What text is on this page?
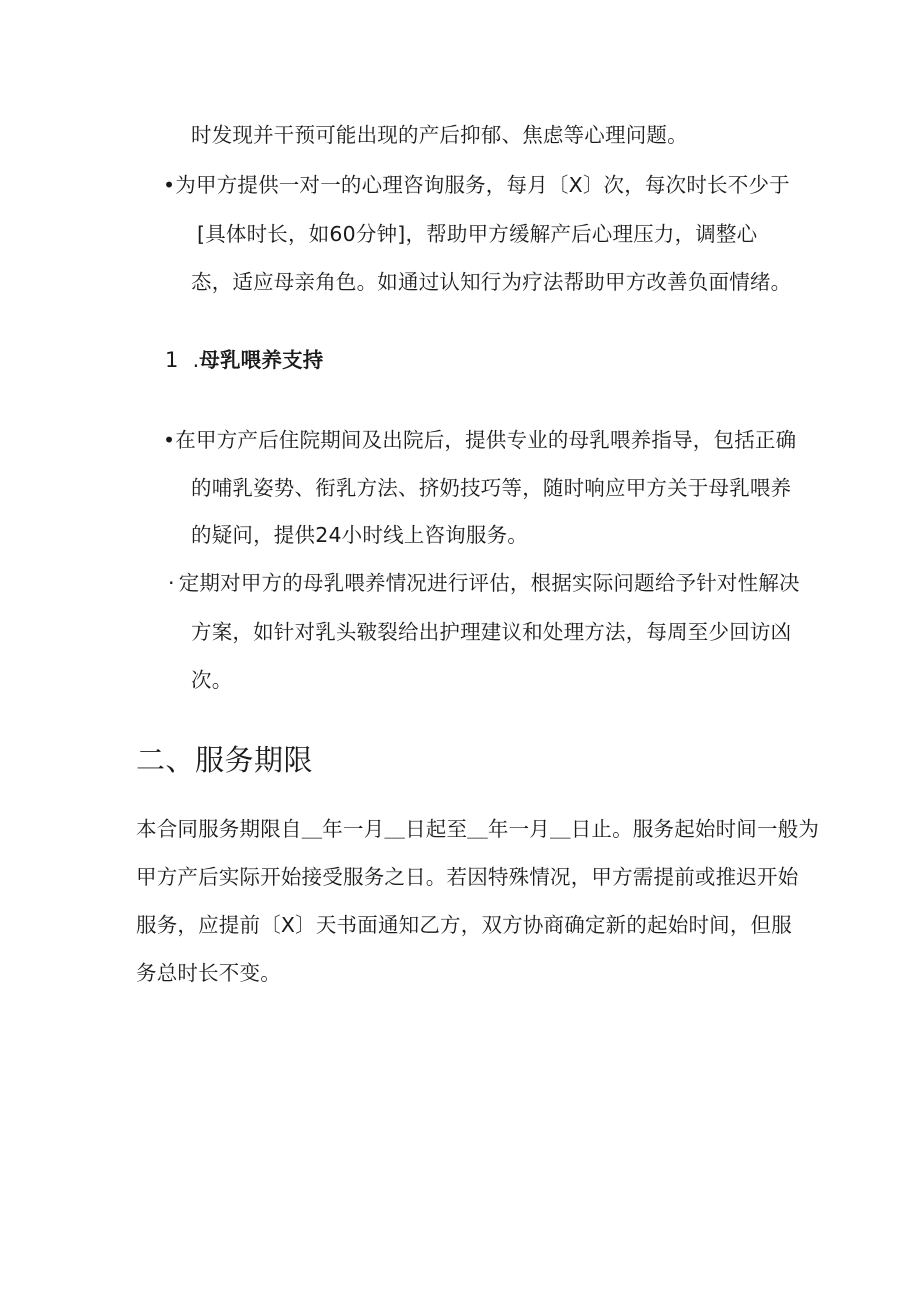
时发现并干预可能出现的产后抑郁、焦虑等心理问题。
•为甲方提供一对一的心理咨询服务，每月〔X〕次，每次时长不少于
[具体时长，如60分钟]，帮助甲方缓解产后心理压力，调整心
态，适应母亲角色。如通过认知行为疗法帮助甲方改善负面情绪。
1 .母乳喂养支持
•在甲方产后住院期间及出院后，提供专业的母乳喂养指导，包括正确
的哺乳姿势、衔乳方法、挤奶技巧等，随时响应甲方关于母乳喂养
的疑问，提供24小时线上咨询服务。
· 定期对甲方的母乳喂养情况进行评估，根据实际问题给予针对性解决
方案，如针对乳头皲裂给出护理建议和处理方法，每周至少回访凶
次。
二、服务期限
本合同服务期限自＿年一月＿日起至＿年一月＿日止。服务起始时间一般为
甲方产后实际开始接受服务之日。若因特殊情况，甲方需提前或推迟开始
服务，应提前〔X〕天书面通知乙方，双方协商确定新的起始时间，但服
务总时长不变。
